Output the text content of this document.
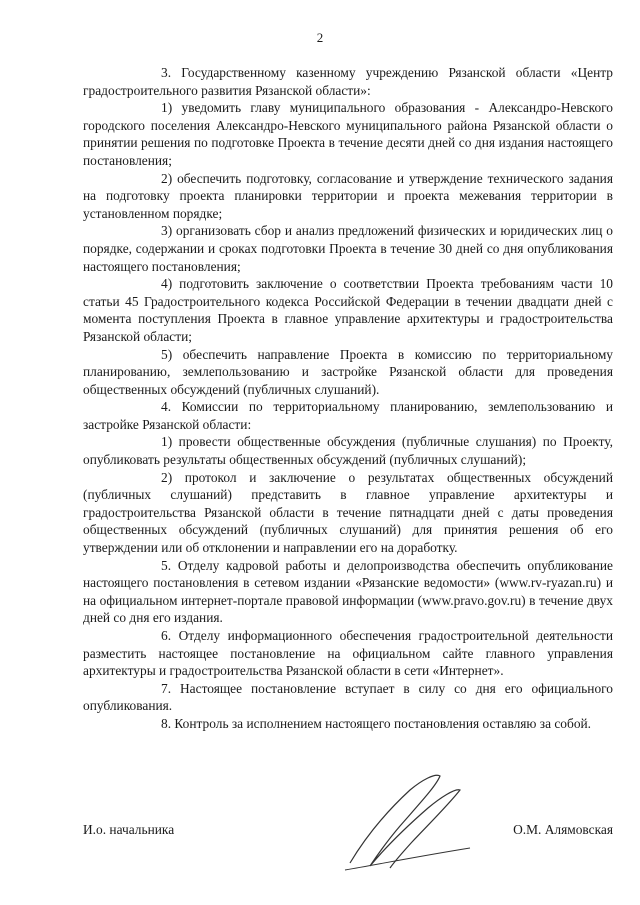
2

3. Государственному казенному учреждению Рязанской области «Центр градостроительного развития Рязанской области»:

1) уведомить главу муниципального образования - Александро-Невского городского поселения Александро-Невского муниципального района Рязанской области о принятии решения по подготовке Проекта в течение десяти дней со дня издания настоящего постановления;

2) обеспечить подготовку, согласование и утверждение технического задания на подготовку проекта планировки территории и проекта межевания территории в установленном порядке;

3) организовать сбор и анализ предложений физических и юридических лиц о порядке, содержании и сроках подготовки Проекта в течение 30 дней со дня опубликования настоящего постановления;

4) подготовить заключение о соответствии Проекта требованиям части 10 статьи 45 Градостроительного кодекса Российской Федерации в течении двадцати дней с момента поступления Проекта в главное управление архитектуры и градостроительства Рязанской области;

5) обеспечить направление Проекта в комиссию по территориальному планированию, землепользованию и застройке Рязанской области для проведения общественных обсуждений (публичных слушаний).

4. Комиссии по территориальному планированию, землепользованию и застройке Рязанской области:

1) провести общественные обсуждения (публичные слушания) по Проекту, опубликовать результаты общественных обсуждений (публичных слушаний);

2) протокол и заключение о результатах общественных обсуждений (публичных слушаний) представить в главное управление архитектуры и градостроительства Рязанской области в течение пятнадцати дней с даты проведения общественных обсуждений (публичных слушаний) для принятия решения об его утверждении или об отклонении и направлении его на доработку.

5. Отделу кадровой работы и делопроизводства обеспечить опубликование настоящего постановления в сетевом издании «Рязанские ведомости» (www.rv-ryazan.ru) и на официальном интернет-портале правовой информации (www.pravo.gov.ru) в течение двух дней со дня его издания.

6. Отделу информационного обеспечения градостроительной деятельности разместить настоящее постановление на официальном сайте главного управления архитектуры и градостроительства Рязанской области в сети «Интернет».

7. Настоящее постановление вступает в силу со дня его официального опубликования.

8. Контроль за исполнением настоящего постановления оставляю за собой.

И.о. начальника	О.М. Алямовская
